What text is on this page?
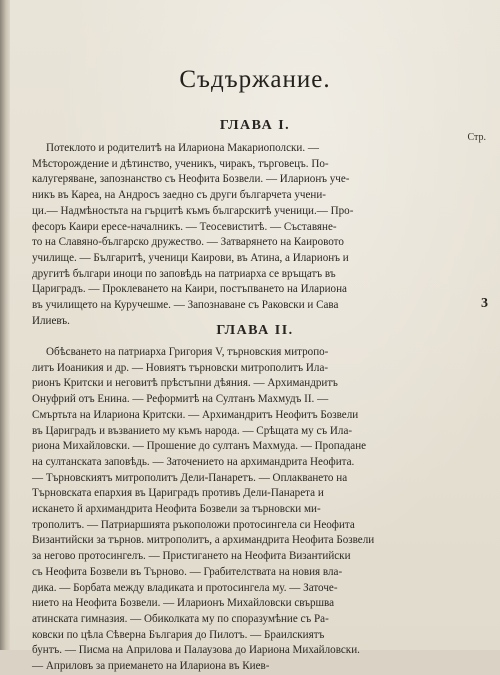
Съдържание.
ГЛАВА I.
Стр.
Потеклото и родителитѣ на Илариона Макариополски. —
Мѣсторождение и дѣтинство, ученикъ, чиракъ, търговецъ. По-
калугеряване, запознанство съ Неофита Бозвели. — Иларионъ уче-
никъ въ Кареа, на Андросъ заедно съ други българчета учени-
ци.— Надмѣностьта на гърцитѣ къмъ българскитѣ ученици.— Про-
фесоръ Каири ересе-началникъ. — Теосевиститѣ. — Съставяне-
то на Славяно-българско дружество. — Затварянето на Каировото
училище. — Българитѣ, ученици Каирови, въ Атина, а Иларионъ и
другитѣ българи иноци по заповѣдь на патриарха се връщатъ въ
Цариградъ. — Проклеването на Каири, постъпването на Илариона
въ училището на Куручешме. — Запознаване съ Раковски и Сава
Илиевъ.
3
ГЛАВА II.
Обѣсването на патриарха Григория V, търновския митропо-
литъ Иоаникия и др. — Новиятъ търновски митрополитъ Ила-
рионъ Критски и неговитѣ прѣстъпни дѣяния. — Архимандритъ
Онуфрий отъ Енина. — Реформитѣ на Султанъ Махмудъ II. —
Смъртьта на Илариона Критски. — Архимандритъ Неофитъ Бозвели
въ Цариградъ и възванието му къмъ народа. — Срѣщата му съ Ила-
риона Михайловски. — Прошение до султанъ Махмуда. — Пропадане
на султанската заповѣдь. — Заточението на архимандрита Неофита.
— Търновскиятъ митрополитъ Дели-Панаретъ. — Оплакването на
Търновската епархия въ Цариградъ противъ Дели-Панарета и
искането й архимандрита Неофита Бозвели за търновски ми-
трополитъ. — Патриаршията ръкоположи протосингела си Неофита
Византийски за търнов. митрополитъ, а архимандрита Неофита Бозвели
за негово протосингелъ. — Пристигането на Неофита Византийски
съ Неофита Бозвели въ Търново. — Грабителствата на новия вла-
дика. — Борбата между владиката и протосингела му. — Заточе-
нието на Неофита Бозвели. — Иларионъ Михайловски свършва
атинската гимназия. — Обиколката му по споразумѣние съ Ра-
ковски по цѣла Сѣверна България до Пилотъ. — Браилскиятъ
бунтъ. — Писма на Априлова и Палаузова до Иариона Михайловски.
— Априловъ за приемането на Илариона въ Киев-
